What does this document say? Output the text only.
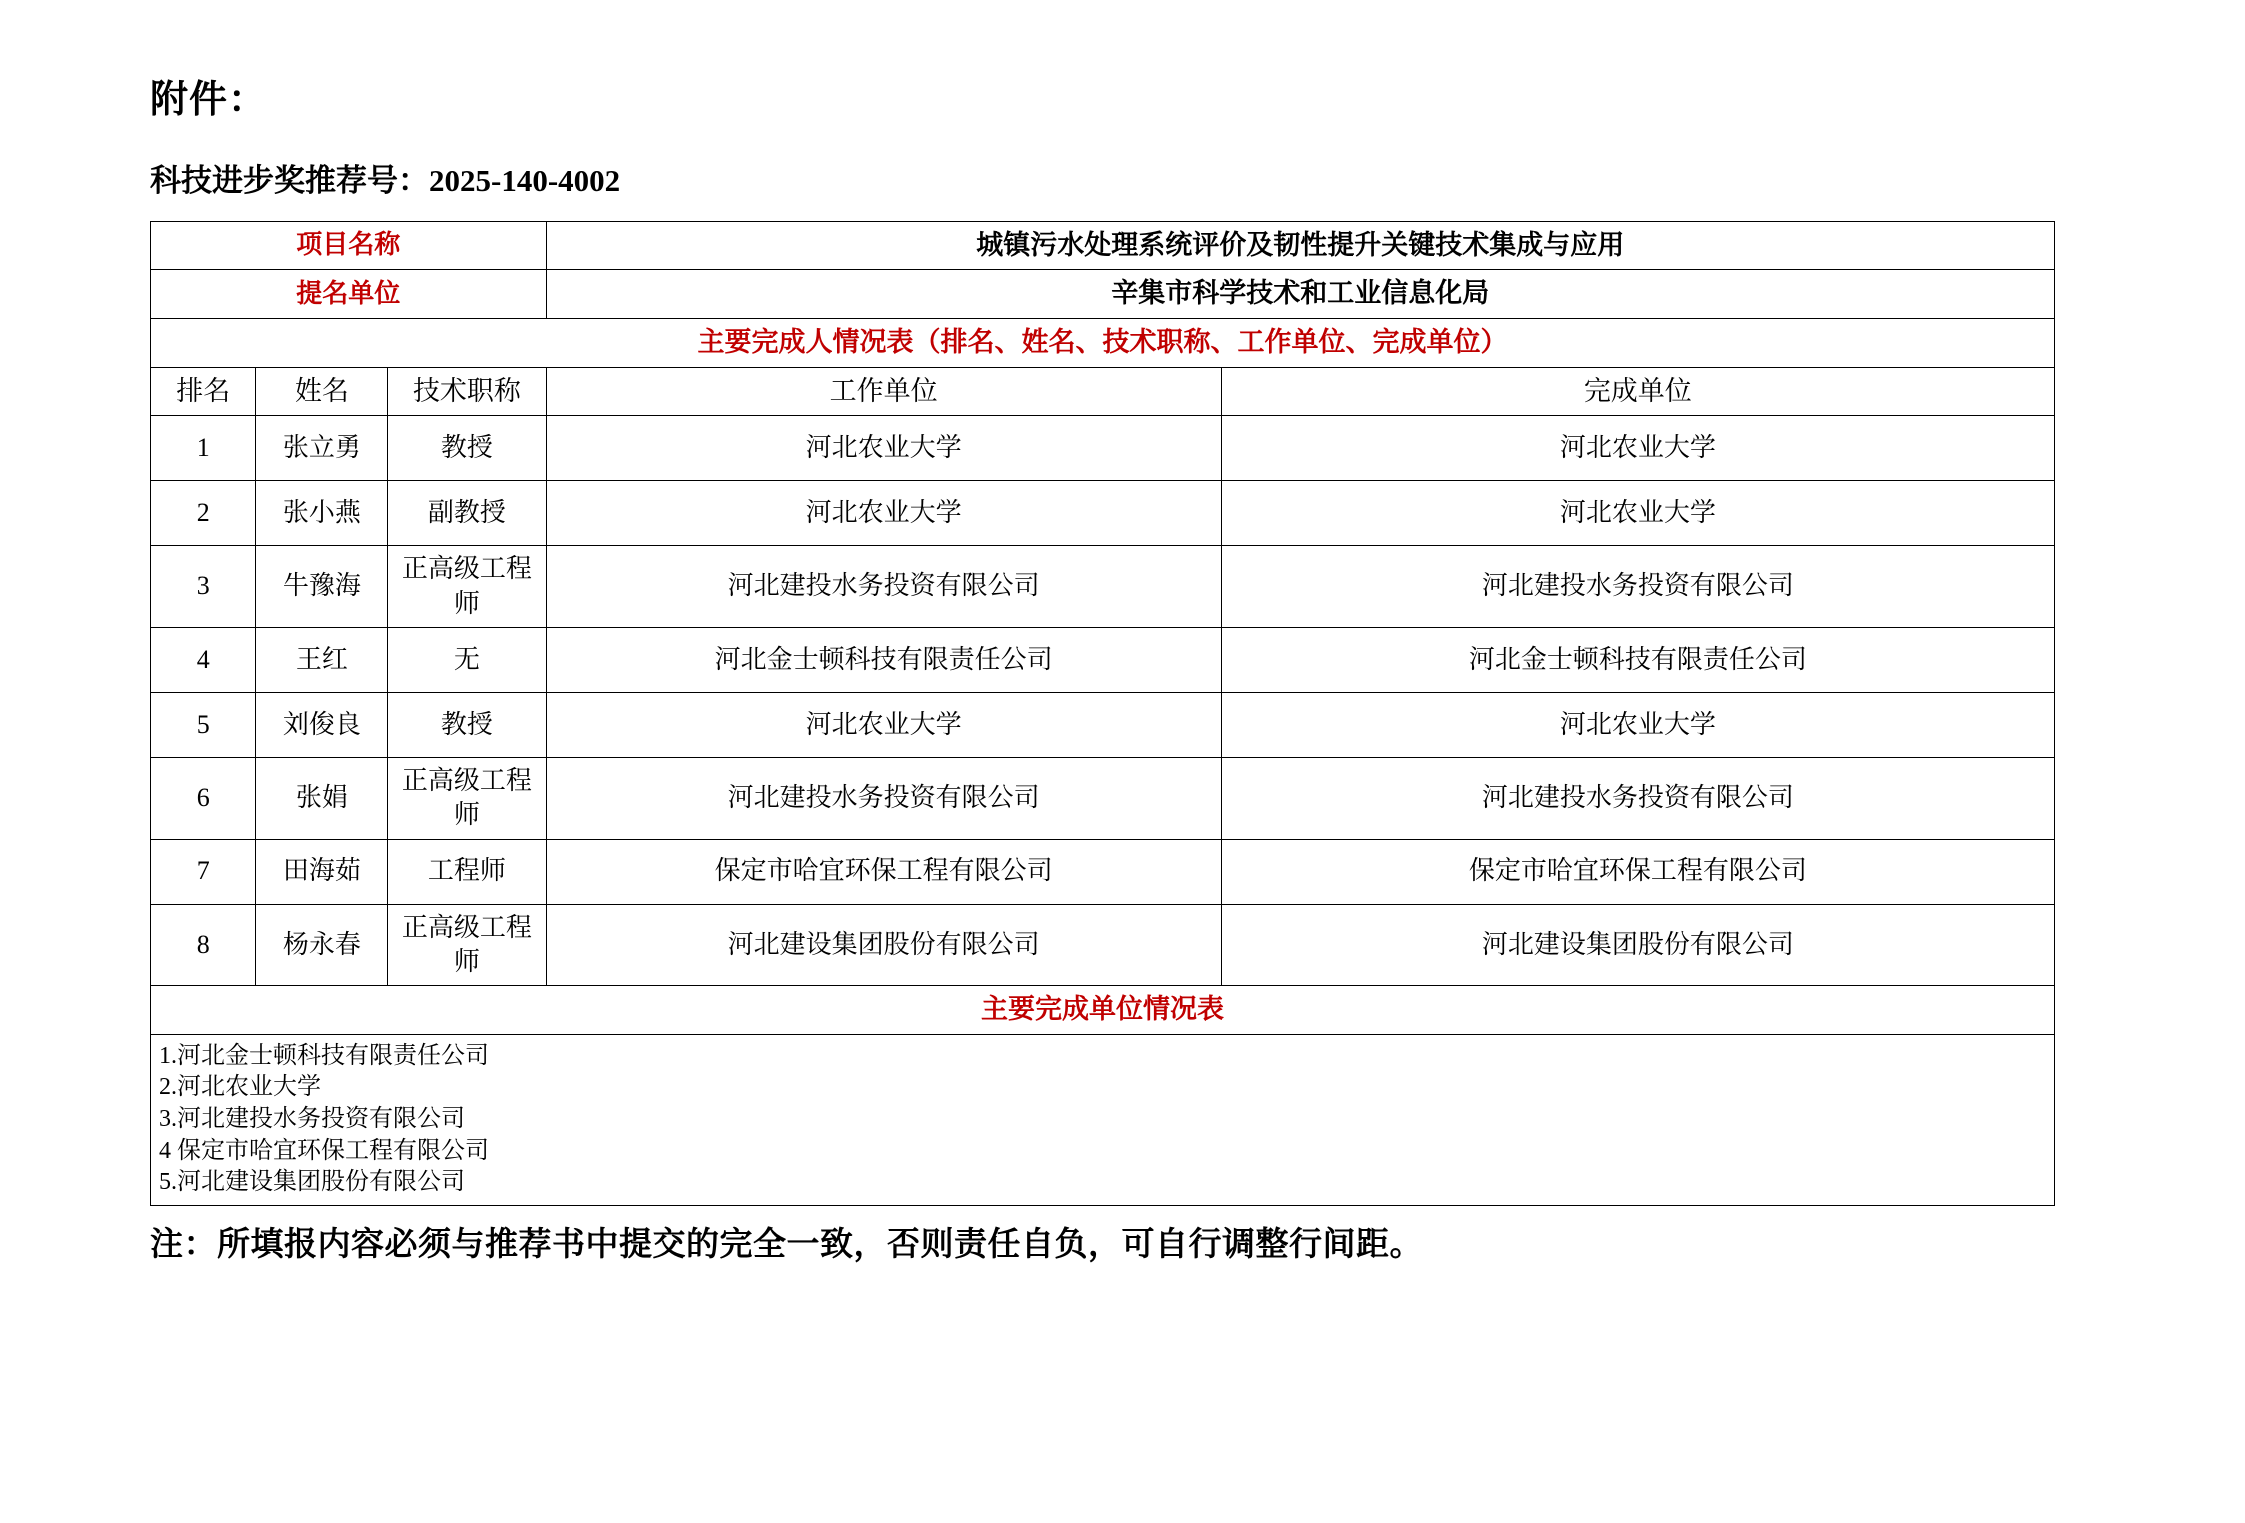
附件：
科技进步奖推荐号：2025-140-4002
项目名称			城镇污水处理系统评价及韧性提升关键技术集成与应用	
提名单位			辛集市科学技术和工业信息化局	
主要完成人情况表（排名、姓名、技术职称、工作单位、完成单位）				
排名	姓名	技术职称	工作单位	完成单位
1	张立勇	教授	河北农业大学	河北农业大学
2	张小燕	副教授	河北农业大学	河北农业大学
3	牛豫海	正高级工程师	河北建投水务投资有限公司	河北建投水务投资有限公司
4	王红	无	河北金士顿科技有限责任公司	河北金士顿科技有限责任公司
5	刘俊良	教授	河北农业大学	河北农业大学
6	张娟	正高级工程师	河北建投水务投资有限公司	河北建投水务投资有限公司
7	田海茹	工程师	保定市哈宜环保工程有限公司	保定市哈宜环保工程有限公司
8	杨永春	正高级工程师	河北建设集团股份有限公司	河北建设集团股份有限公司
主要完成单位情况表				

1.河北金士顿科技有限责任公司
2.河北农业大学
3.河北建投水务投资有限公司
4 保定市哈宜环保工程有限公司
5.河北建设集团股份有限公司				
注：所填报内容必须与推荐书中提交的完全一致，否则责任自负，可自行调整行间距。
